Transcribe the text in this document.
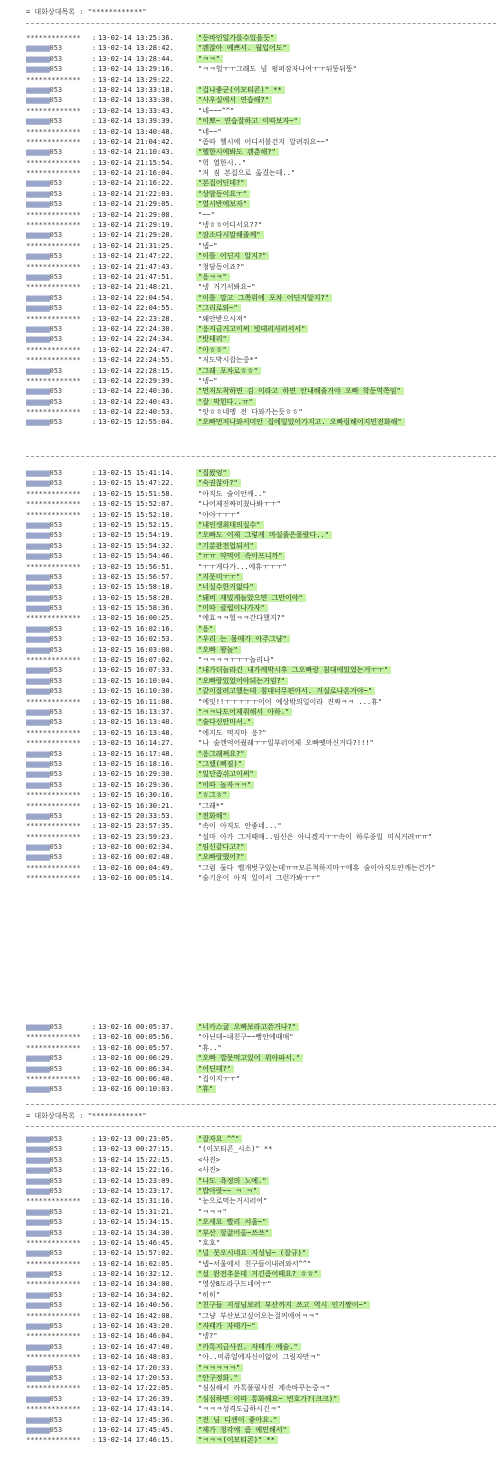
= 대화상대목록 : "************"
************* : 13-02-14 13:25:36.	"등바인일가를수있을듯"
▆▆▆▆▆▆053	: 13-02-14 13:28:42.	"괜찮아 예쁘서. 월입어도"
▆▆▆▆▆▆053	: 13-02-14 13:28:44.	"ㅋㅋ"
▆▆▆▆▆▆053	: 13-02-14 13:29:16.	"ㅋㅋ헐ㅜㅜ그래도 넘 펑퍼잠자나여ㅜㅜ뒤뚱뒤뚱"
************* : 13-02-14 13:29:22.
▆▆▆▆▆▆053	: 13-02-14 13:33:18.	"겁나좋군(이모티콘)" **
▆▆▆▆▆▆053	: 13-02-14 13:33:30.	"사우실에서 연습해?"
************* : 13-02-14 13:33:43.	"네~~~^^"
▆▆▆▆▆▆053	: 13-02-14 13:39:39.	"이뽀~ 연습잘하고 이따보자~"
************* : 13-02-14 13:40:48.	"네~~"
************* : 13-02-14 21:04:42.	"좀따 헬시에 어디서볼건지 알려줘요~~"
▆▆▆▆▆▆053	: 13-02-14 21:10:43.	"헬한시에봐도 괜춘해?"
************* : 13-02-14 21:15:54.	"헉 열한시.."
************* : 13-02-14 21:16:04.	"저 짐 본집으로 옮겼는데.."
▆▆▆▆▆▆053	: 13-02-14 21:16:22.	"본집어딘데?"
▆▆▆▆▆▆053	: 13-02-14 21:22:03.	"상암동이요ㅜ"
▆▆▆▆▆▆053	: 13-02-14 21:29:05.	"열시반에보자"
************* : 13-02-14 21:29:08.	"~~"
************* : 13-02-14 21:29:19.	"넹ㅎㅎ어디서요??"
▆▆▆▆▆▆053	: 13-02-14 21:29:28.	"잠소다시말해줄께"
************* : 13-02-14 21:31:25.	"넵~"
▆▆▆▆▆▆053	: 13-02-14 21:47:22.	"이틀 어딘지 알지?"
************* : 13-02-14 21:47:43.	"청담동이죠?"
▆▆▆▆▆▆053	: 13-02-14 21:47:51.	"응ㅋㅋ"
************* : 13-02-14 21:48:21.	"넹 거기서봐요~"
▆▆▆▆▆▆053	: 13-02-14 22:04:54.	"이틀 말고 그쪽위에 포차 어딘지알지?"
▆▆▆▆▆▆053	: 13-02-14 22:04:55.	"그리로와~"
************* : 13-02-14 22:23:28.	"왜안받으시져"
▆▆▆▆▆▆053	: 13-02-14 22:24:30.	"응지금거고이써 빗데리사러서서"
▆▆▆▆▆▆053	: 13-02-14 22:24:34.	"밧데리"
************* : 13-02-14 22:24:47.	"아ㅎㅎ"
************* : 13-02-14 22:24:55.	"저도박시잡는중*"
▆▆▆▆▆▆053	: 13-02-14 22:28:15.	"그래 포차로ㅎㅎ"
************* : 13-02-14 22:29:39.	"넹~"
▆▆▆▆▆▆053	: 13-02-14 22:40:36.	"먼저도착하면 김 이라고 하면 안내해줄거야 오빠 학동역쪽임"
▆▆▆▆▆▆053	: 13-02-14 22:40:43.	"잘 막힌다..ㅠ"
************* : 13-02-14 22:40:53.	"앗ㅎㅎ네엥 전 다와가는듯ㅎㅎ"
▆▆▆▆▆▆053	: 13-02-15 12:55:04.	"오빠먼저나와서미안 집에일있어가지고. 오빠링헤어지민전화해"
▆▆▆▆▆▆053	: 13-02-15 15:41:14.	"집왔엉"
▆▆▆▆▆▆053	: 13-02-15 15:47:22.	"숙권찮아?"
************* : 13-02-15 15:51:58.	"아직도 술이안깨.."
************* : 13-02-15 15:52:07.	"나어제진짜미쳤나봐ㅜㅜ"
************* : 13-02-15 15:52:10.	"아아ㅜㅜㅜ"
▆▆▆▆▆▆053	: 13-02-15 15:52:15.	"내인생최대의실수"
▆▆▆▆▆▆053	: 13-02-15 15:54:19.	"오빠도 어제 그렇게 마실줄은몰랐다.."
▆▆▆▆▆▆053	: 13-02-15 15:54:32.	"기분완전업되서"
▆▆▆▆▆▆053	: 13-02-15 15:54:46.	"ㅠㅠ 약먹어 속아프니까"
************* : 13-02-15 15:56:51.	"ㅜㅜ게다가...에휴ㅜㅜㅜ"
▆▆▆▆▆▆053	: 13-02-15 15:56:57.	"지못미ㅜㅜ"
▆▆▆▆▆▆053	: 13-02-15 15:58:18.	"너실수한거없다"
▆▆▆▆▆▆053	: 13-02-15 15:58:28.	"돼버 재밌게놀았으면 그만이야"
▆▆▆▆▆▆053	: 13-02-15 15:58:36.	"이따 클럽이나가자"
************* : 13-02-15 16:00:25.	"에효ㅋㅋ헐ㅋㅋ간다했지?"
▆▆▆▆▆▆053	: 13-02-15 16:02:16.	"응"
▆▆▆▆▆▆053	: 13-02-15 16:02:53.	"우리 는 몸매가 아주그냥"
▆▆▆▆▆▆053	: 13-02-15 16:03:00.	"오빠 꽝놀"
************* : 13-02-15 16:07:02.	"ㅋㅋㅋㅋㅜㅜㅜ놀리나"
▆▆▆▆▆▆053	: 13-02-15 16:07:33.	"내가더놀라긴 내가깨박시후 그오빠랑 침대에있었는거ㅜㅜ"
▆▆▆▆▆▆053	: 13-02-15 16:10:04.	"오빠랑있었어야되는거임?"
▆▆▆▆▆▆053	: 13-02-15 16:10:30.	"같이잘려고했는데 침대너무편아서. 거실로나온거야~"
************* : 13-02-15 16:11:08.	"에잇!!ㅜㅜㅜㅜㅜ이어 예상밖의일이라 진짜ㅋㅋ ...휴"
▆▆▆▆▆▆053	: 13-02-15 16:13:37.	"ㅋㅋ나도어제취해서 아하."
▆▆▆▆▆▆053	: 13-02-15 16:13:40.	"술다신안마셔."
************* : 13-02-15 16:13:48.	"에지도 먹지마 응?"
************* : 13-02-15 16:14:27.	"나 술깬억어줬래ㅜㅜ일부러어제 오빠뗏마신거다?!!!"
▆▆▆▆▆▆053	: 13-02-15 16:17:48.	"응그래쪄요?"
▆▆▆▆▆▆053	: 13-02-15 16:18:16.	"그랬(삐짐)"
▆▆▆▆▆▆053	: 13-02-15 16:29:30.	"일단좀쉬고이써"
▆▆▆▆▆▆053	: 13-02-15 16:29:36.	"이따 놀자ㅋㅋ"
************* : 13-02-15 16:30:16.	"ㅎ그ㅎ"
************* : 13-02-15 16:30:21.	"그래*"
▆▆▆▆▆▆053	: 13-02-15 20:33:53.	"전화해"
************* : 13-02-15 23:57:35.	"속이 아직도 안좋네..."
************* : 13-02-15 23:59:23.	"설마 아가 그거때매..임신은 아니겠지ㅜㅜ속이 하루종일 미식거려ㅠㅠ"
▆▆▆▆▆▆053	: 13-02-16 00:02:34.	"임신같다고?"
▆▆▆▆▆▆053	: 13-02-16 00:02:48.	"오빠랑했어?"
************* : 13-02-16 00:04:49.	"그럼 둘다 뻘개벗구있는데ㅠㅠ모른척하지마ㅜ에휴 술이아직도안깨는건가"
************* : 13-02-16 00:05:14.	"술기운이 아직 있어서 그런가봐ㅜㅜ"
▆▆▆▆▆▆053	: 13-02-16 00:05:37.	"너카스귤 오빠보라고쓴거나?"
************* : 13-02-16 00:05:56.	"아닌데~내친구~~뻥안에때매"
************* : 13-02-16 00:05:57.	"휴.."
▆▆▆▆▆▆053	: 13-02-16 00:06:29.	"오빠 밥못먹고있어 위아파서."
▆▆▆▆▆▆053	: 13-02-16 00:06:34.	"어딘데?"
************* : 13-02-16 00:06:40.	"집이지ㅜㅜ"
▆▆▆▆▆▆053	: 13-02-16 00:10:03.	"휴"
= 대화상대목록 : "************"
▆▆▆▆▆▆053	: 13-02-13 00:23:05.	"잘자요 ^^"
▆▆▆▆▆▆053	: 13-02-13 00:27:15.	"(이모티콘_시소)" **
▆▆▆▆▆▆053	: 13-02-14 15:22:15.	<사진>
▆▆▆▆▆▆053	: 13-02-14 15:22:16.	<사진>
▆▆▆▆▆▆053	: 13-02-14 15:23:09.	"나도 욕정의 노예."
▆▆▆▆▆▆053	: 13-02-14 15:23:17.	"밥아랏~~ ㅋ ㅋ"
************* : 13-02-14 15:31:16.	"눈으로먹는거시러여"
▆▆▆▆▆▆053	: 13-02-14 15:31:21.	"ㅋㅋㅋ"
▆▆▆▆▆▆053	: 13-02-14 15:34:15.	"오세요 빨리 서울~"
▆▆▆▆▆▆053	: 13-02-14 15:34:30.	"부산 항끓어올~쓰쓰"
************* : 13-02-14 15:46:45.	"호호"
▆▆▆▆▆▆053	: 13-02-14 15:57:02.	"널 못오시네요 지성님~ (잘규)"
************* : 13-02-14 16:02:05.	"넵~서울에서 친구들이내려와서^^"
▆▆▆▆▆▆053	: 13-02-14 16:32:12.	"설 완전추운데 거긴좀어때요? ㅎㅎ"
************* : 13-02-14 16:34:00.	"영상8도라구드네여ㅜ"
▆▆▆▆▆▆053	: 13-02-14 16:34:02.	"히히"
▆▆▆▆▆▆053	: 13-02-14 16:40:56.	"친구들 지성님보러 부산까지 쓰고 역시 인기짱이~"
************* : 13-02-14 16:42:08.	"그냥 부산보고싶어오는걸꺼에여ㅋㅋ"
▆▆▆▆▆▆053	: 13-02-14 16:43:20.	"자태가 자태가~"
************* : 13-02-14 16:46:04.	"넹?"
▆▆▆▆▆▆053	: 13-02-14 16:47:40.	"카톡지금사진. 자태가 예술."
************* : 13-02-14 16:48:03.	"아..비쥬얼에자신이없어 그림자만ㅋ"
▆▆▆▆▆▆053	: 13-02-14 17:20:33.	"ㅋㅋㅋㅋㅋ"
▆▆▆▆▆▆053	: 13-02-14 17:20:53.	"안구정화."
************* : 13-02-14 17:22:05.	"심심해서 카톡풀필사진 계속바꾸는중ㅋ"
▆▆▆▆▆▆053	: 13-02-14 17:26:39.	"심심하면 이따 통화해요~ 번호가?(크크)"
************* : 13-02-14 17:43:14.	"ㅋㅋㅋ성격도급하시긴ㅋ"
▆▆▆▆▆▆053	: 13-02-14 17:45:36.	"전 님 디센이 좋아요."
▆▆▆▆▆▆053	: 13-02-14 17:45:45.	"제가 청각에 좀 예민해서"
************* : 13-02-14 17:46:15.	"ㅋㅋㅋ(이모티콘)" **
